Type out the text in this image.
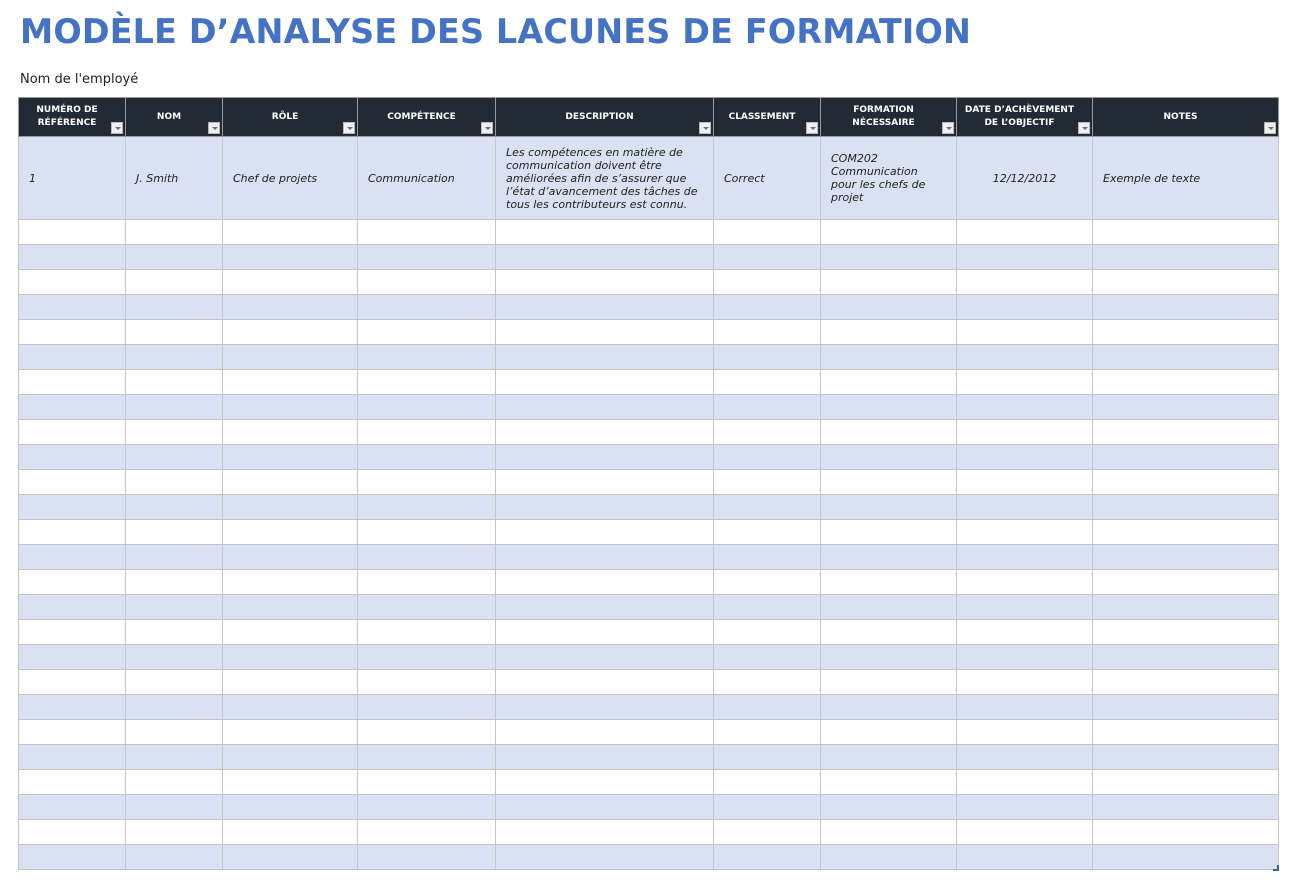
MODÈLE D’ANALYSE DES LACUNES DE FORMATION
Nom de l'employé
NUMÉRO DE RÉFÉRENCE	NOM	RÔLE	COMPÉTENCE	DESCRIPTION	CLASSEMENT	FORMATION NÉCESSAIRE	DATE D’ACHÈVEMENT DE L’OBJECTIF	NOTES

1	J. Smith	Chef de projets	Communication	Les compétences en matière de communication doivent être améliorées afin de s’assurer que l’état d’avancement des tâches de tous les contributeurs est connu.	Correct	COM202 Communication pour les chefs de projet	12/12/2012	Exemple de texte
